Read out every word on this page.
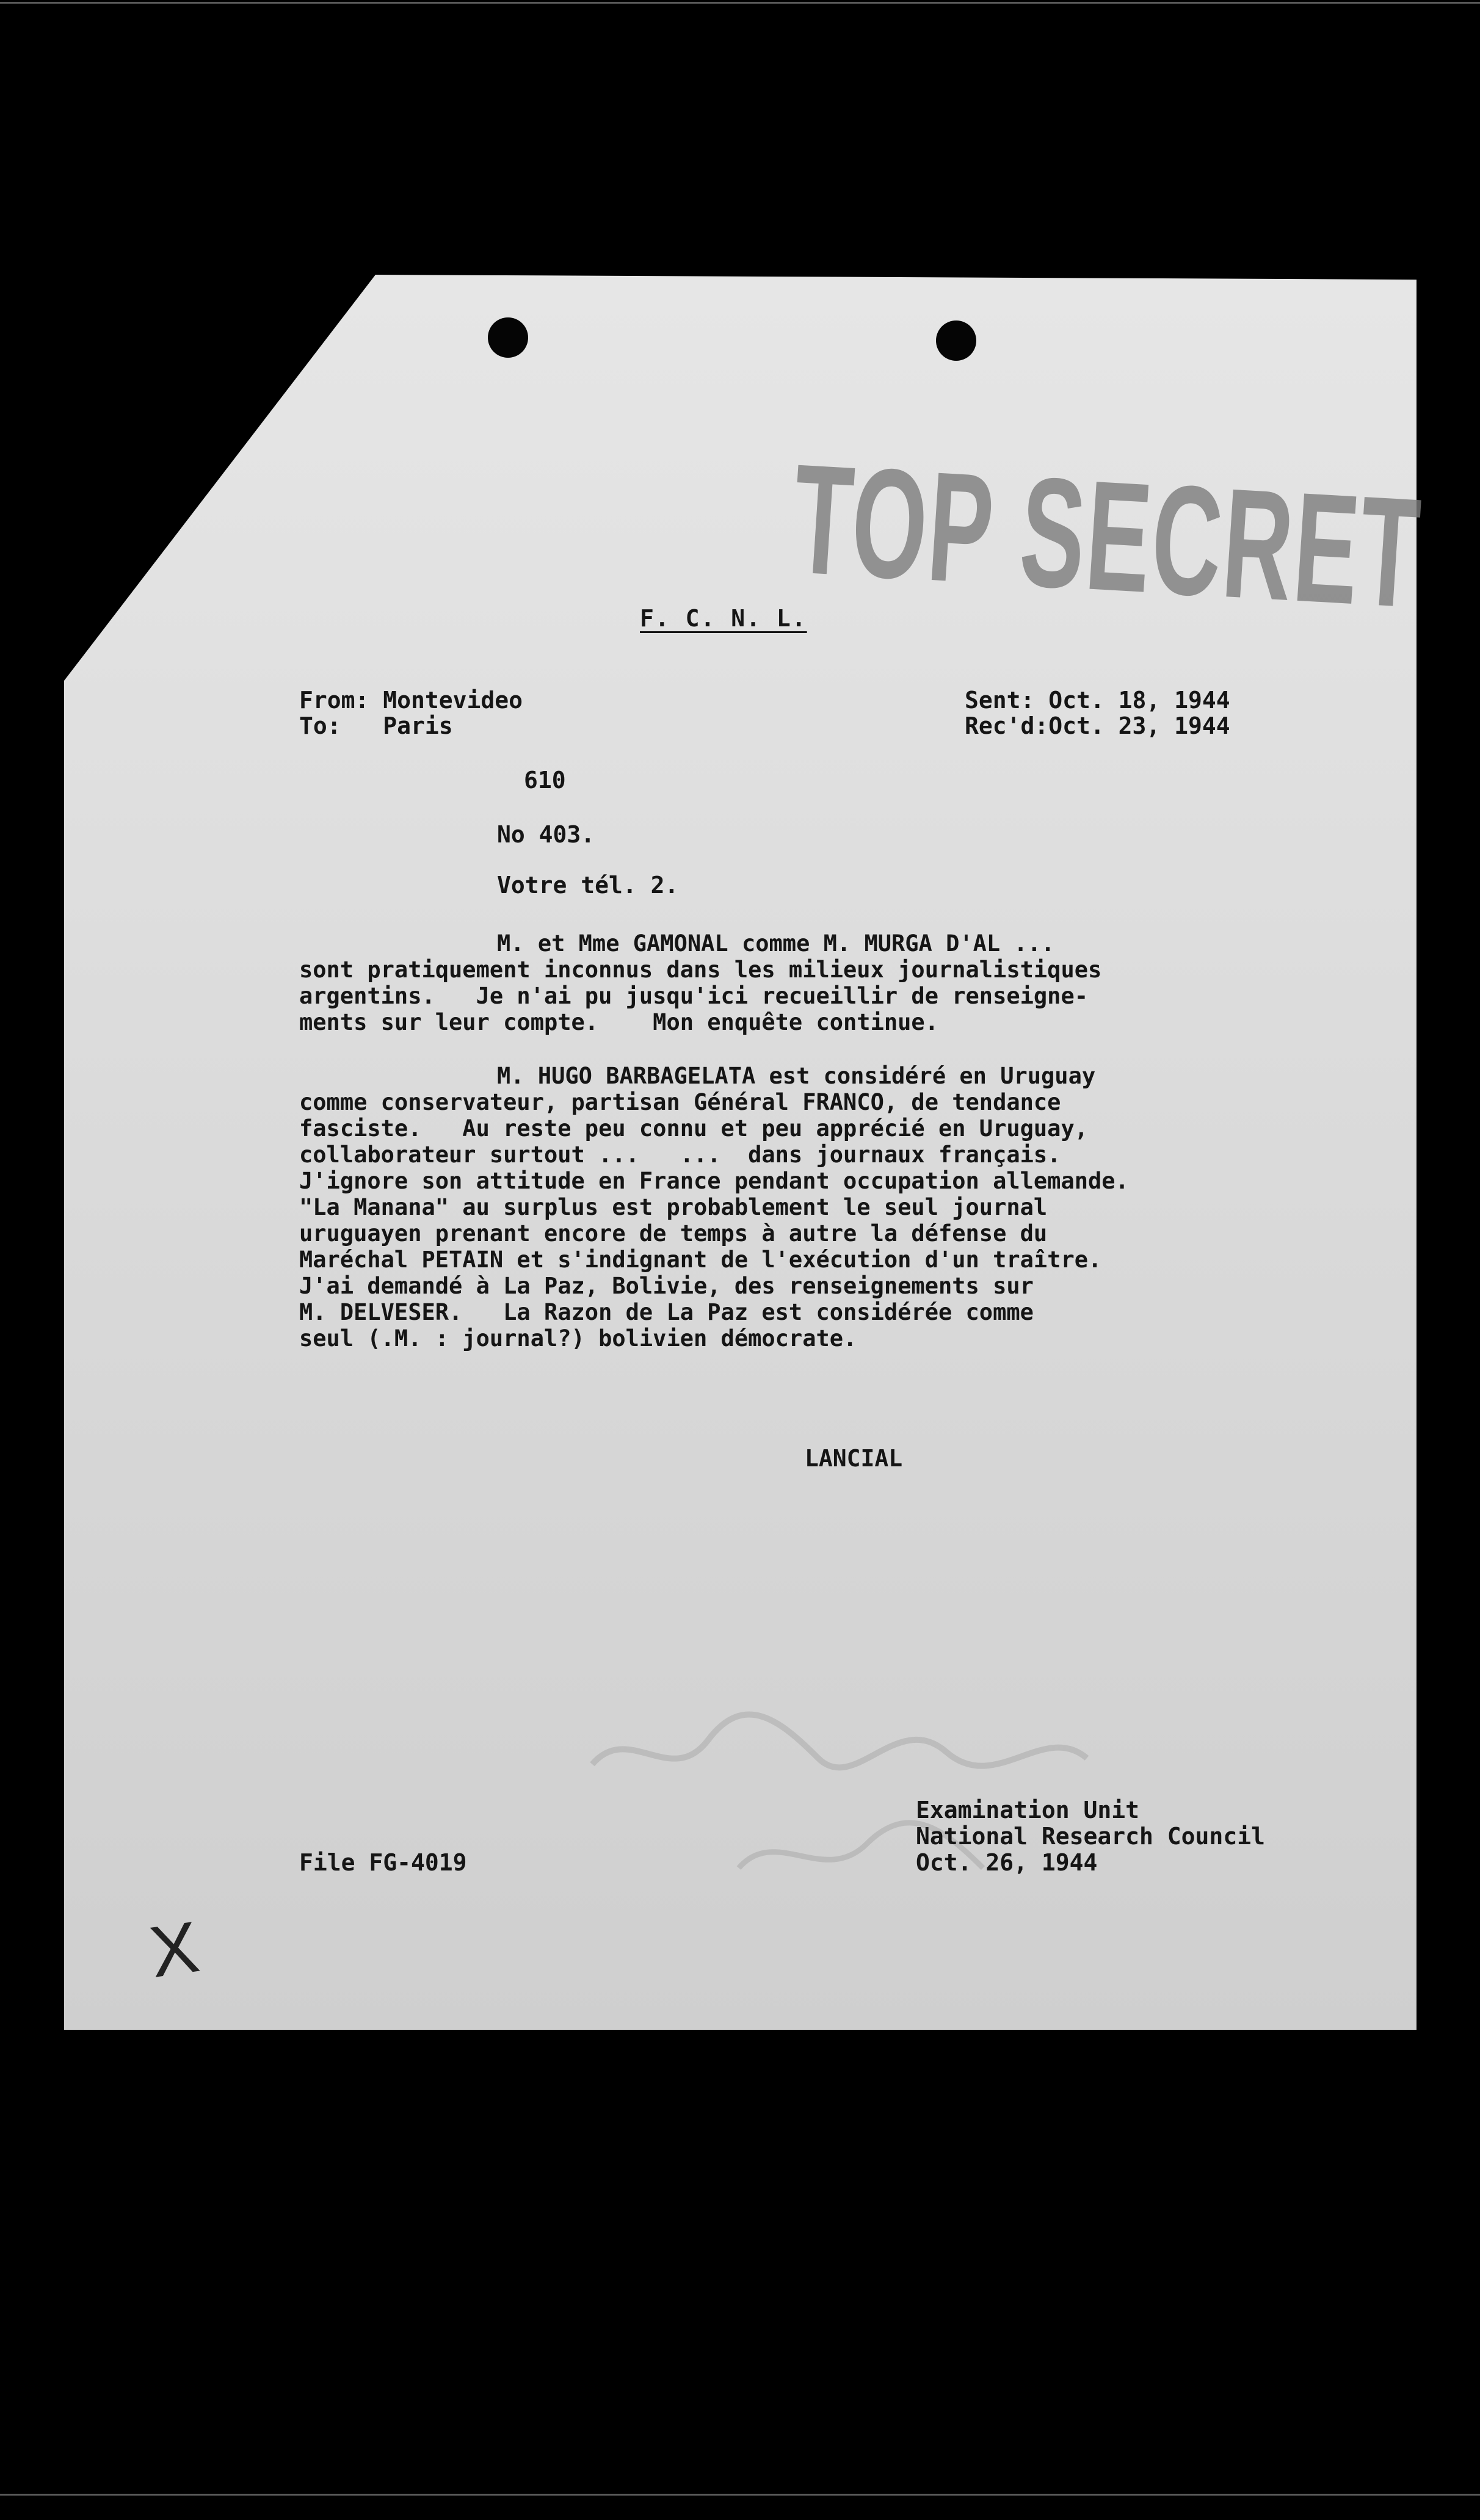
TOP SECRET
F. C. N. L.
From: Montevideo
To:   Paris
Sent: Oct. 18, 1944
Rec'd:Oct. 23, 1944
610
No 403.
Votre tél. 2.
M. et Mme GAMONAL comme M. MURGA D'AL ...
sont pratiquement inconnus dans les milieux journalistiques
argentins.   Je n'ai pu jusqu'ici recueillir de renseigne-
ments sur leur compte.    Mon enquête continue.
M. HUGO BARBAGELATA est considéré en Uruguay
comme conservateur, partisan Général FRANCO, de tendance
fasciste.   Au reste peu connu et peu apprécié en Uruguay,
collaborateur surtout ...   ...  dans journaux français.
J'ignore son attitude en France pendant occupation allemande.
"La Manana" au surplus est probablement le seul journal
uruguayen prenant encore de temps à autre la défense du
Maréchal PETAIN et s'indignant de l'exécution d'un traître.
J'ai demandé à La Paz, Bolivie, des renseignements sur
M. DELVESER.   La Razon de La Paz est considérée comme
seul (.M. : journal?) bolivien démocrate.
LANCIAL
Examination Unit
National Research Council
Oct. 26, 1944
File FG-4019
X
